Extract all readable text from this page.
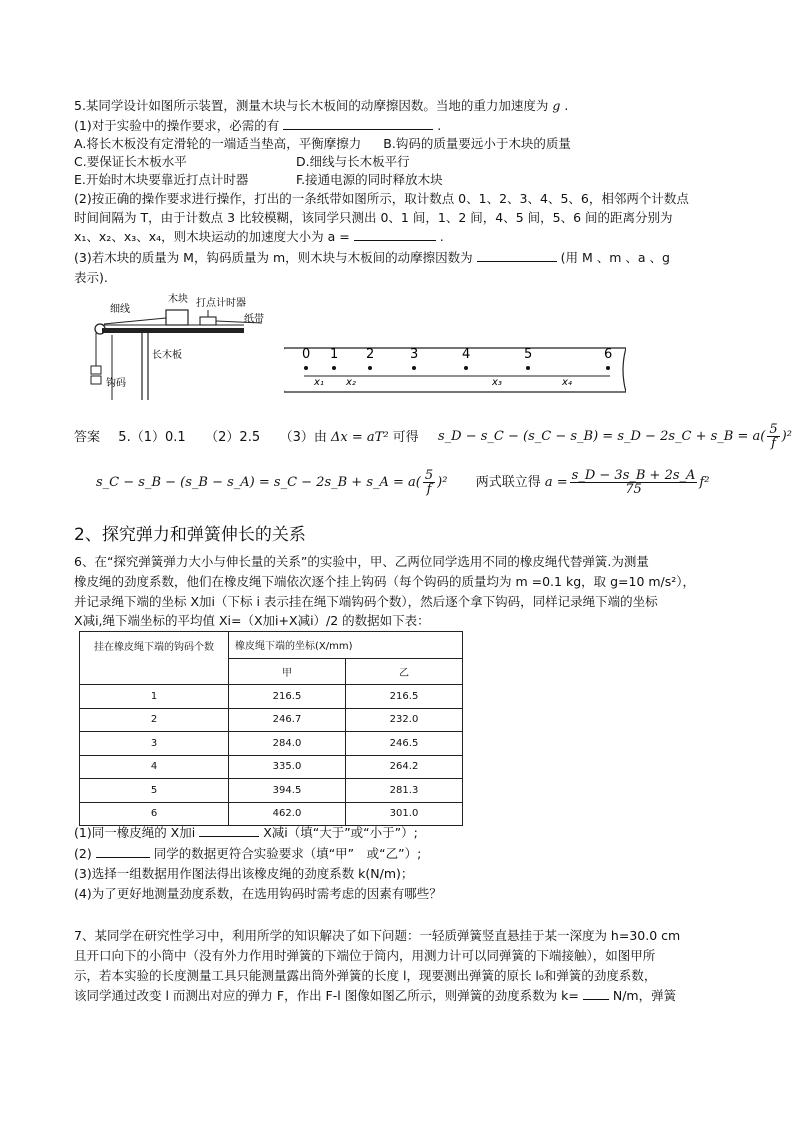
5.某同学设计如图所示装置，测量木块与长木板间的动摩擦因数。当地的重力加速度为 g .
(1)对于实验中的操作要求，必需的有	.
A.将长木板没有定滑轮的一端适当垫高，平衡摩擦力 B.钩码的质量要远小于木块的质量
C.要保证长木板水平	D.细线与长木板平行
E.开始时木块要靠近打点计时器	F.接通电源的同时释放木块
(2)按正确的操作要求进行操作，打出的一条纸带如图所示，取计数点 0、1、2、3、4、5、6，相邻两个计数点
时间间隔为 T，由于计数点 3 比较模糊，该同学只测出 0、1 间，1、2 间，4、5 间，5、6 间的距离分别为
x₁、x₂、x₃、x₄，则木块运动的加速度大小为 a =	.
(3)若木块的质量为 M，钩码质量为 m，则木块与木板间的动摩擦因数为	(用 M 、m 、a 、g
表示).
细线
木块 打点计时器
纸带
长木板
钩码
0 1 2	3	4	5	6
x₁ x₂	x₃	x₄
答案 5.（1）0.1　　（2）2.5　　（3）由 Δx = aT² 可得 s_D − s_C − (s_C − s_B) = s_D − 2s_C + s_B = $a( \frac{5}{f} )^2$
s_C − s_B − (s_B − s_A) = s_C − 2s_B + s_A = $a( \frac{5}{f} )^2$ 两式联立得 $a = \frac{s\_D - 3s\_B + 2s\_A}{75} f^2$
2、探究弹力和弹簧伸长的关系
6、在“探究弹簧弹力大小与伸长量的关系”的实验中，甲、乙两位同学选用不同的橡皮绳代替弹簧.为测量
橡皮绳的劲度系数，他们在橡皮绳下端依次逐个挂上钩码（每个钩码的质量均为 m =0.1 kg，取 g=10 m/s²），
并记录绳下端的坐标 X加i（下标 i 表示挂在绳下端钩码个数），然后逐个拿下钩码，同样记录绳下端的坐标
X减i,绳下端坐标的平均值 Xi=（X加i+X减i）/2 的数据如下表：
挂在橡皮绳下端的钩码个数	橡皮绳下端的坐标(X/mm)	
	甲	乙
1	216.5	216.5
2	246.7	232.0
3	284.0	246.5
4	335.0	264.2
5	394.5	281.3
6	462.0	301.0
(1)同一橡皮绳的 X加i	X减i（填“大于”或“小于”）;
(2)	同学的数据更符合实验要求（填“甲”　或“乙”）;
(3)选择一组数据用作图法得出该橡皮绳的劲度系数 k(N/m)；
(4)为了更好地测量劲度系数，在选用钩码时需考虑的因素有哪些？
7、某同学在研究性学习中，利用所学的知识解决了如下问题：一轻质弹簧竖直悬挂于某一深度为 h=30.0 cm
且开口向下的小筒中（没有外力作用时弹簧的下端位于筒内，用测力计可以同弹簧的下端接触），如图甲所
示，若本实验的长度测量工具只能测量露出筒外弹簧的长度 l，现要测出弹簧的原长 l₀和弹簧的劲度系数，
该同学通过改变 l 而测出对应的弹力 F，作出 F-l 图像如图乙所示，则弹簧的劲度系数为 k=	N/m，弹簧
